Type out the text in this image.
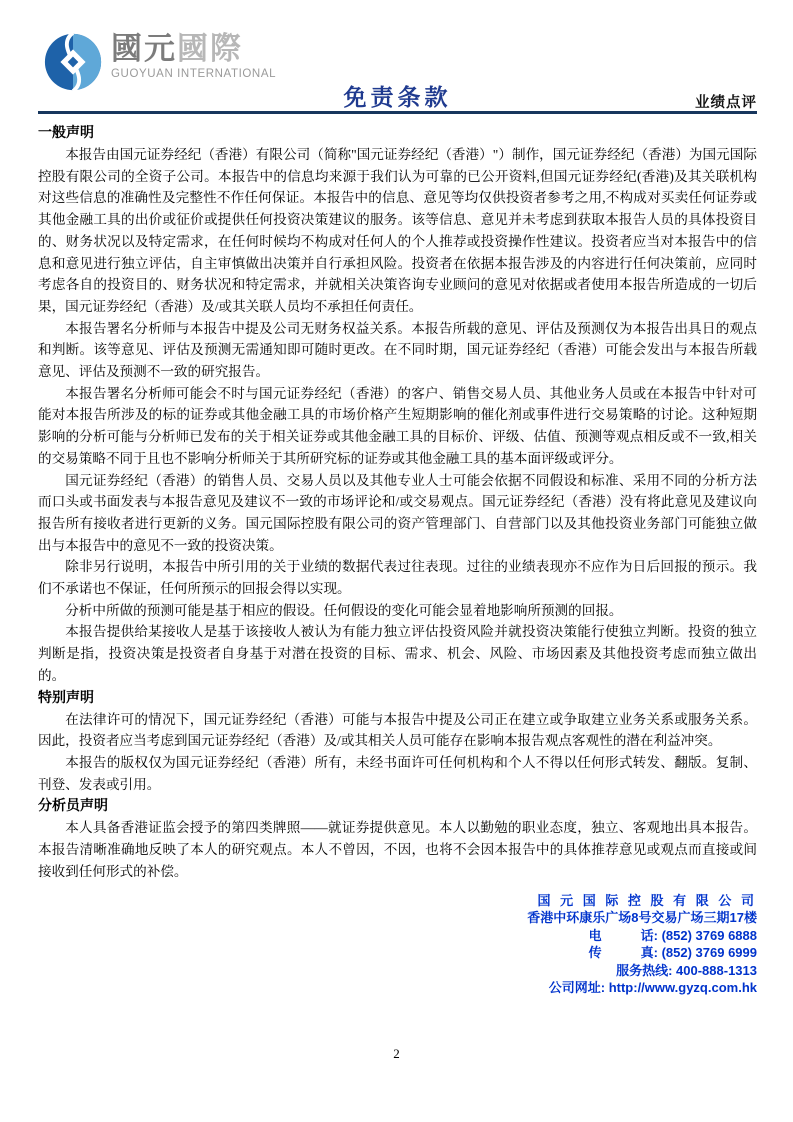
國元國際
GUOYUAN INTERNATIONAL
免责条款	业绩点评
一般声明

本报告由国元证券经纪（香港）有限公司（简称"国元证券经纪（香港）"）制作，国元证券经纪（香港）为国元国际控股有限公司的全资子公司。本报告中的信息均来源于我们认为可靠的已公开资料,但国元证券经纪(香港)及其关联机构对这些信息的准确性及完整性不作任何保证。本报告中的信息、意见等均仅供投资者参考之用,不构成对买卖任何证券或其他金融工具的出价或征价或提供任何投资决策建议的服务。该等信息、意见并未考虑到获取本报告人员的具体投资目的、财务状况以及特定需求，在任何时候均不构成对任何人的个人推荐或投资操作性建议。投资者应当对本报告中的信息和意见进行独立评估，自主审慎做出决策并自行承担风险。投资者在依据本报告涉及的内容进行任何决策前，应同时考虑各自的投资目的、财务状况和特定需求，并就相关决策咨询专业顾问的意见对依据或者使用本报告所造成的一切后果，国元证券经纪（香港）及/或其关联人员均不承担任何责任。

本报告署名分析师与本报告中提及公司无财务权益关系。本报告所载的意见、评估及预测仅为本报告出具日的观点和判断。该等意见、评估及预测无需通知即可随时更改。在不同时期，国元证券经纪（香港）可能会发出与本报告所载意见、评估及预测不一致的研究报告。

本报告署名分析师可能会不时与国元证券经纪（香港）的客户、销售交易人员、其他业务人员或在本报告中针对可能对本报告所涉及的标的证券或其他金融工具的市场价格产生短期影响的催化剂或事件进行交易策略的讨论。这种短期影响的分析可能与分析师已发布的关于相关证券或其他金融工具的目标价、评级、估值、预测等观点相反或不一致,相关的交易策略不同于且也不影响分析师关于其所研究标的证券或其他金融工具的基本面评级或评分。

国元证券经纪（香港）的销售人员、交易人员以及其他专业人士可能会依据不同假设和标准、采用不同的分析方法而口头或书面发表与本报告意见及建议不一致的市场评论和/或交易观点。国元证券经纪（香港）没有将此意见及建议向报告所有接收者进行更新的义务。国元国际控股有限公司的资产管理部门、自营部门以及其他投资业务部门可能独立做出与本报告中的意见不一致的投资决策。

除非另行说明，本报告中所引用的关于业绩的数据代表过往表现。过往的业绩表现亦不应作为日后回报的预示。我们不承诺也不保证，任何所预示的回报会得以实现。

分析中所做的预测可能是基于相应的假设。任何假设的变化可能会显着地影响所预测的回报。

本报告提供给某接收人是基于该接收人被认为有能力独立评估投资风险并就投资决策能行使独立判断。投资的独立判断是指，投资决策是投资者自身基于对潜在投资的目标、需求、机会、风险、市场因素及其他投资考虑而独立做出的。

特别声明

在法律许可的情况下，国元证券经纪（香港）可能与本报告中提及公司正在建立或争取建立业务关系或服务关系。因此，投资者应当考虑到国元证券经纪（香港）及/或其相关人员可能存在影响本报告观点客观性的潜在利益冲突。

本报告的版权仅为国元证券经纪（香港）所有，未经书面许可任何机构和个人不得以任何形式转发、翻版。复制、刊登、发表或引用。

分析员声明

本人具备香港证监会授予的第四类牌照——就证券提供意见。本人以勤勉的职业态度，独立、客观地出具本报告。本报告清晰准确地反映了本人的研究观点。本人不曾因，不因，也将不会因本报告中的具体推荐意见或观点而直接或间接收到任何形式的补偿。

国 元 国 际 控 股 有 限 公 司
香港中环康乐广场8号交易广场三期17楼
电　　　话: (852) 3769 6888
传　　　真: (852) 3769 6999
服务热线: 400-888-1313
公司网址: http://www.gyzq.com.hk
2
